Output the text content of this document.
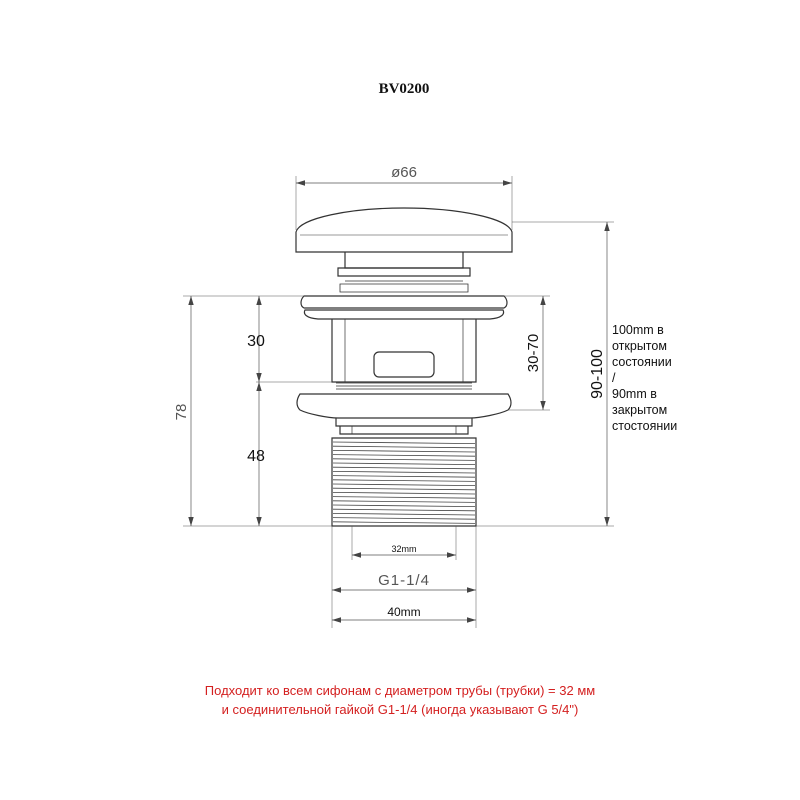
BV0200
ø66
78
30
48
30-70	90-100
32mm
G1-1/4
40mm
100mm в
открытом
состоянии
/
90mm в
закрытом
стостоянии
Подходит ко всем сифонам с диаметром трубы (трубки) = 32 мм
и соединительной гайкой G1-1/4 (иногда указывают G 5/4")
